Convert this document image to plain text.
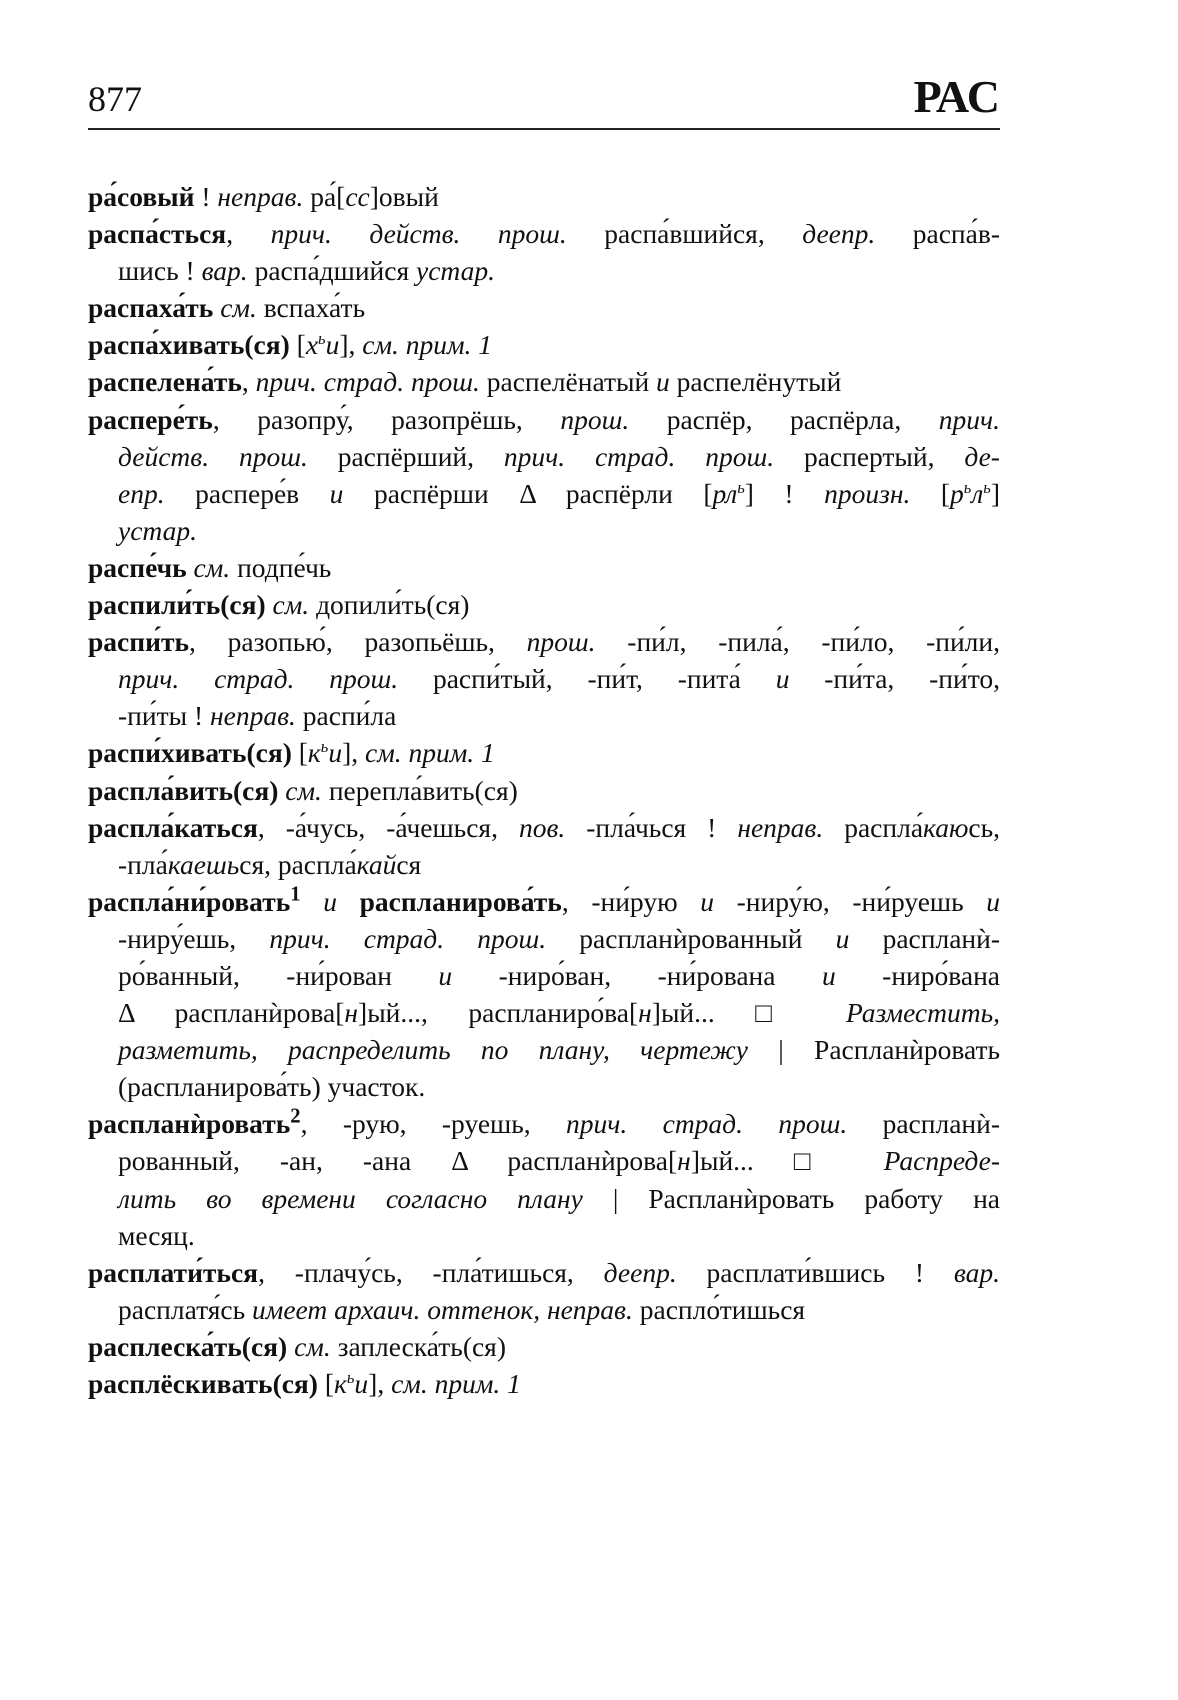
877	РАС
ра́совый ! неправ. ра́[сс]овый
распа́сться, прич. действ. прош. распа́вшийся, деепр. распа́в-
шись ! вар. распа́дшийся устар.
распаха́ть см. вспаха́ть
распа́хивать(ся) $[х^ьи]$, см. прим. 1
распелена́ть, прич. страд. прош. распелёнатый и распелёнутый
распере́ть, разопру́, разопрёшь, прош. распёр, распёрла, прич.
действ. прош. распёрший, прич. страд. прош. распертый, де-
епр. распере́в и распёрши Δ распёрли $[рл^ь]$ ! произн. $[р^ьл^ь]$
устар.
распе́чь см. подпе́чь
распили́ть(ся) см. допили́ть(ся)
распи́ть, разопью́, разопьёшь, прош. -пи́л, -пила́, -пи́ло, -пи́ли,
прич. страд. прош. распи́тый, -пи́т, -пита́ и -пи́та, -пи́то,
-пи́ты ! неправ. распи́ла
распи́хивать(ся) $[к^ьи]$, см. прим. 1
распла́вить(ся) см. перепла́вить(ся)
распла́каться, -а́чусь, -а́чешься, пов. -пла́чься ! неправ. распла́каюсь,
-пла́каешься, распла́кайся
распла́ни́ровать$^1$ и распланирова́ть, -ни́рую и -ниру́ю, -ни́руешь и
-ниру́ешь, прич. страд. прош. распланѝрованный и распланѝ-
ро́ванный, -ни́рован и -ниро́ван, -ни́рована и -ниро́вана
Δ распланѝрова[н]ый..., распланиро́ва[н]ый... □ Разместить,
разметить, распределить по плану, чертежу | Распланѝровать
(распланирова́ть) участок.
распланѝровать$^2$, -рую, -руешь, прич. страд. прош. распланѝ-
рованный, -ан, -ана Δ распланѝрова[н]ый... □ Распреде-
лить во времени согласно плану | Распланѝровать работу на
месяц.
расплати́ться, -плачу́сь, -пла́тишься, деепр. расплати́вшись ! вар.
расплатя́сь имеет архаич. оттенок, неправ. распло́тишься
расплеска́ть(ся) см. заплеска́ть(ся)
расплёскивать(ся) $[к^ьи]$, см. прим. 1
